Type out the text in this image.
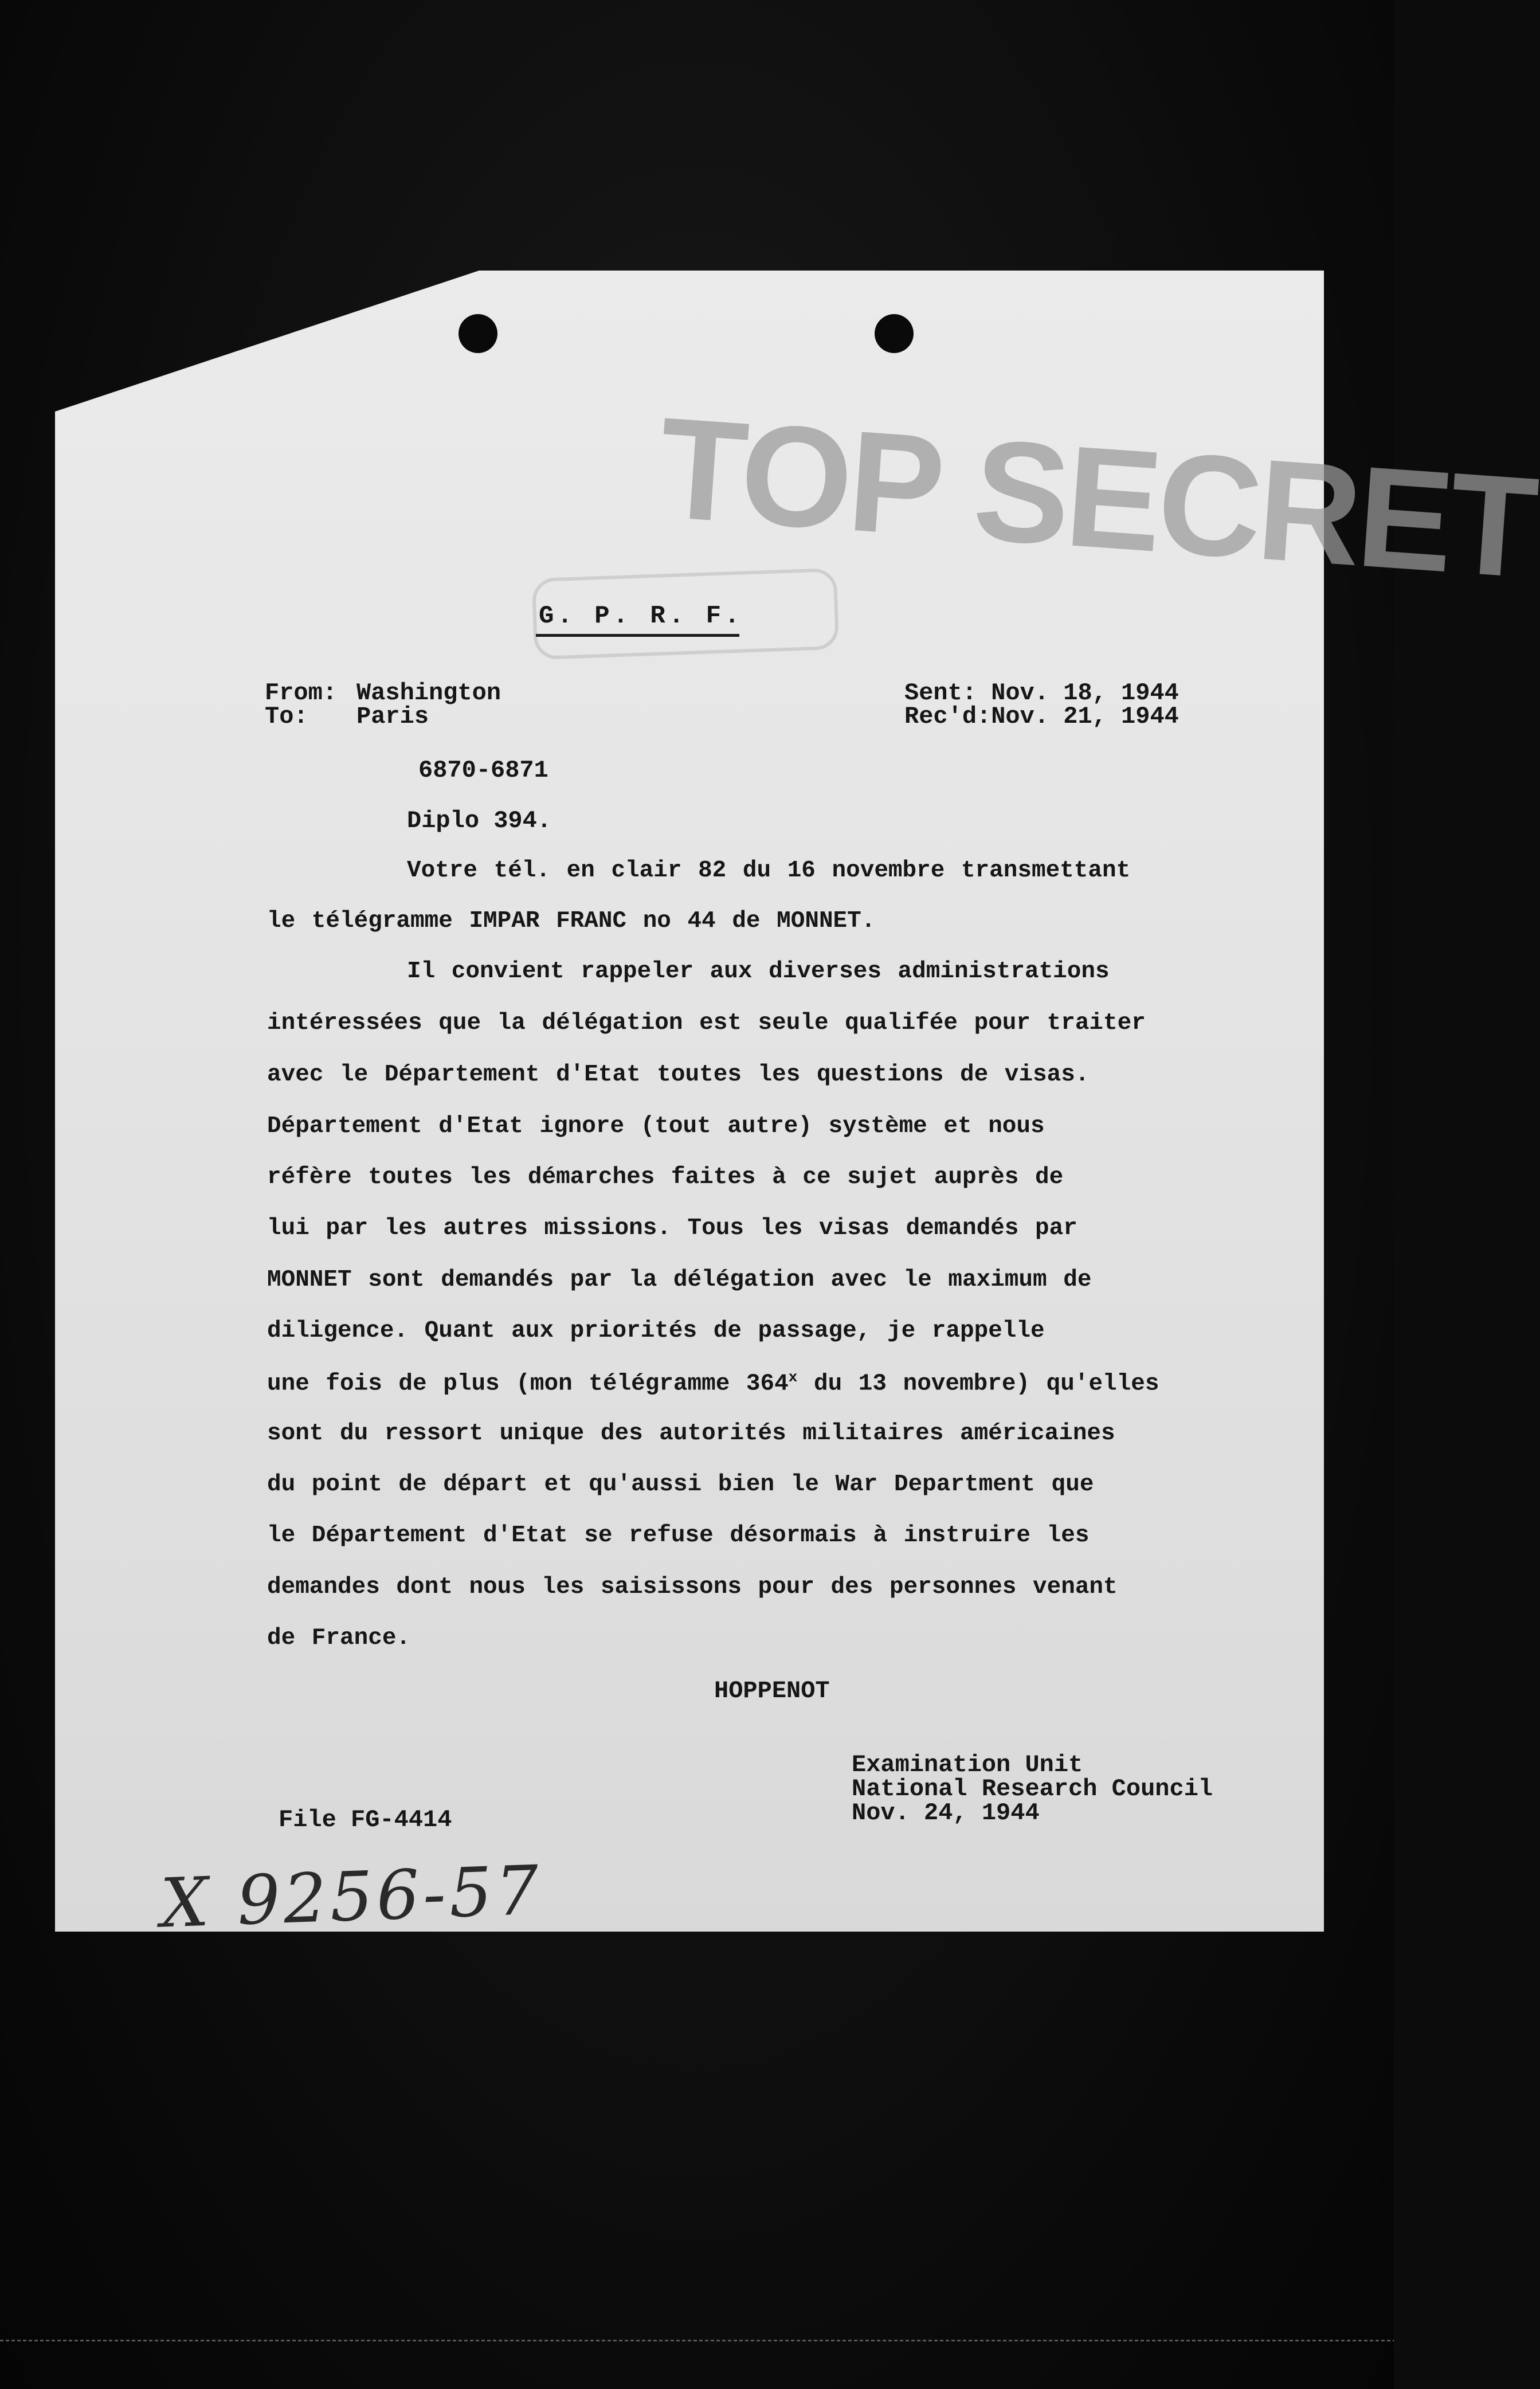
TOP SECRET
G. P. R. F.
From: Washington
To: Paris
Sent: Nov. 18, 1944
Rec'd:Nov. 21, 1944
6870-6871
Diplo 394.
Votre tél. en clair 82 du 16 novembre transmettant
le télégramme IMPAR FRANC no 44 de MONNET.
Il convient rappeler aux diverses administrations
intéressées que la délégation est seule qualifée pour traiter
avec le Département d'Etat toutes les questions de visas.
Département d'Etat ignore (tout autre) système et nous
réfère toutes les démarches faites à ce sujet auprès de
lui par les autres missions. Tous les visas demandés par
MONNET sont demandés par la délégation avec le maximum de
diligence. Quant aux priorités de passage, je rappelle
une fois de plus (mon télégramme 364$^x$ du 13 novembre) qu'elles
sont du ressort unique des autorités militaires américaines
du point de départ et qu'aussi bien le War Department que
le Département d'Etat se refuse désormais à instruire les
demandes dont nous les saisissons pour des personnes venant
de France.
HOPPENOT
Examination Unit
National Research Council
Nov. 24, 1944
File FG-4414
X 9256-57
